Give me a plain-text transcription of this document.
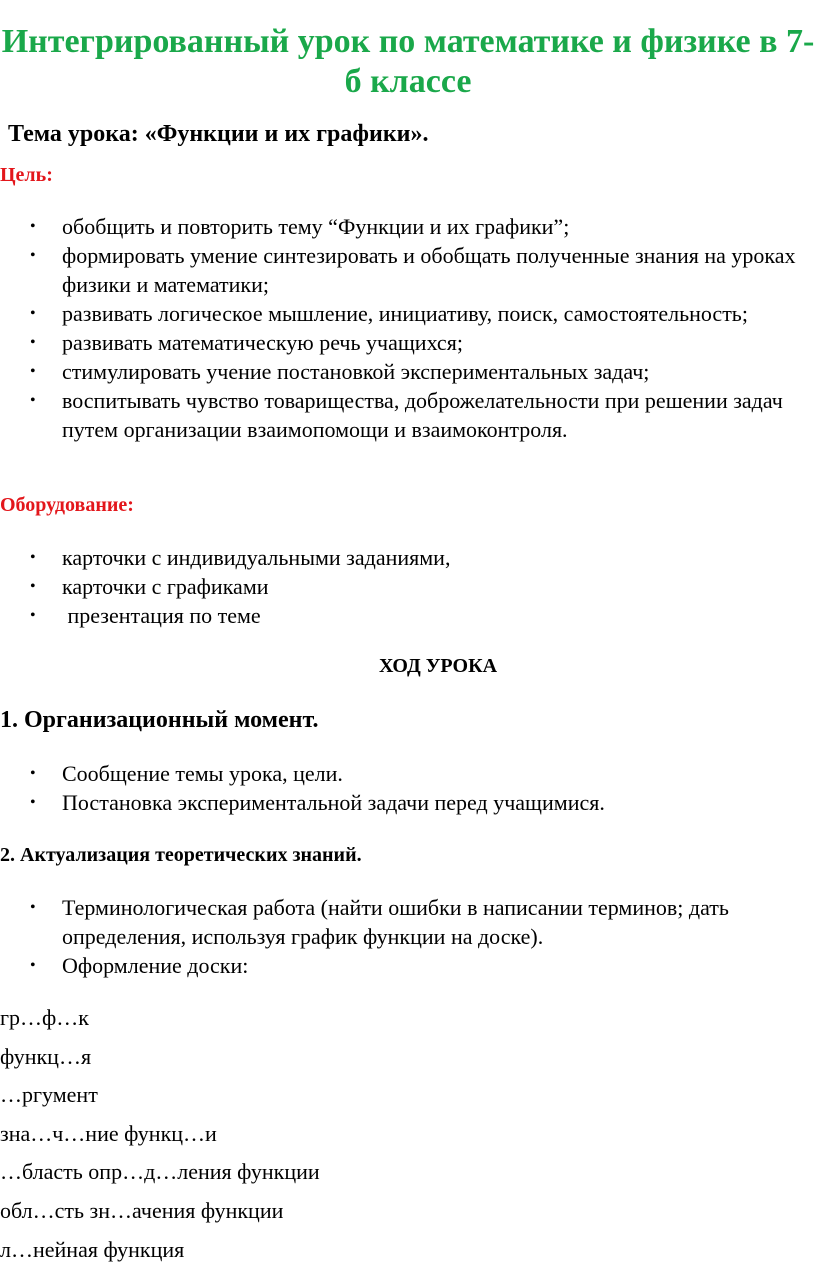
Интегрированный урок по математике и физике в 7-б классе
Тема урока: «Функции и их графики».
Цель:
• обобщить и повторить тему “Функции и их графики”;
• формировать умение синтезировать и обобщать полученные знания на уроках физики и математики;
• развивать логическое мышление, инициативу, поиск, самостоятельность;
• развивать математическую речь учащихся;
• стимулировать учение постановкой экспериментальных задач;
• воспитывать чувство товарищества, доброжелательности при решении задач путем организации взаимопомощи и взаимоконтроля.
Оборудование:
• карточки с индивидуальными заданиями,
• карточки с графиками
• презентация по теме
ХОД УРОКА
1. Организационный момент.
• Сообщение темы урока, цели.
• Постановка экспериментальной задачи перед учащимися.
2. Актуализация теоретических знаний.
• Терминологическая работа (найти ошибки в написании терминов; дать определения, используя график функции на доске).
• Оформление доски:
гр…ф…к
функц…я
…ргумент
зна…ч…ние функц…и
…бласть опр…д…ления функции
обл…сть зн…ачения функции
л…нейная функция
